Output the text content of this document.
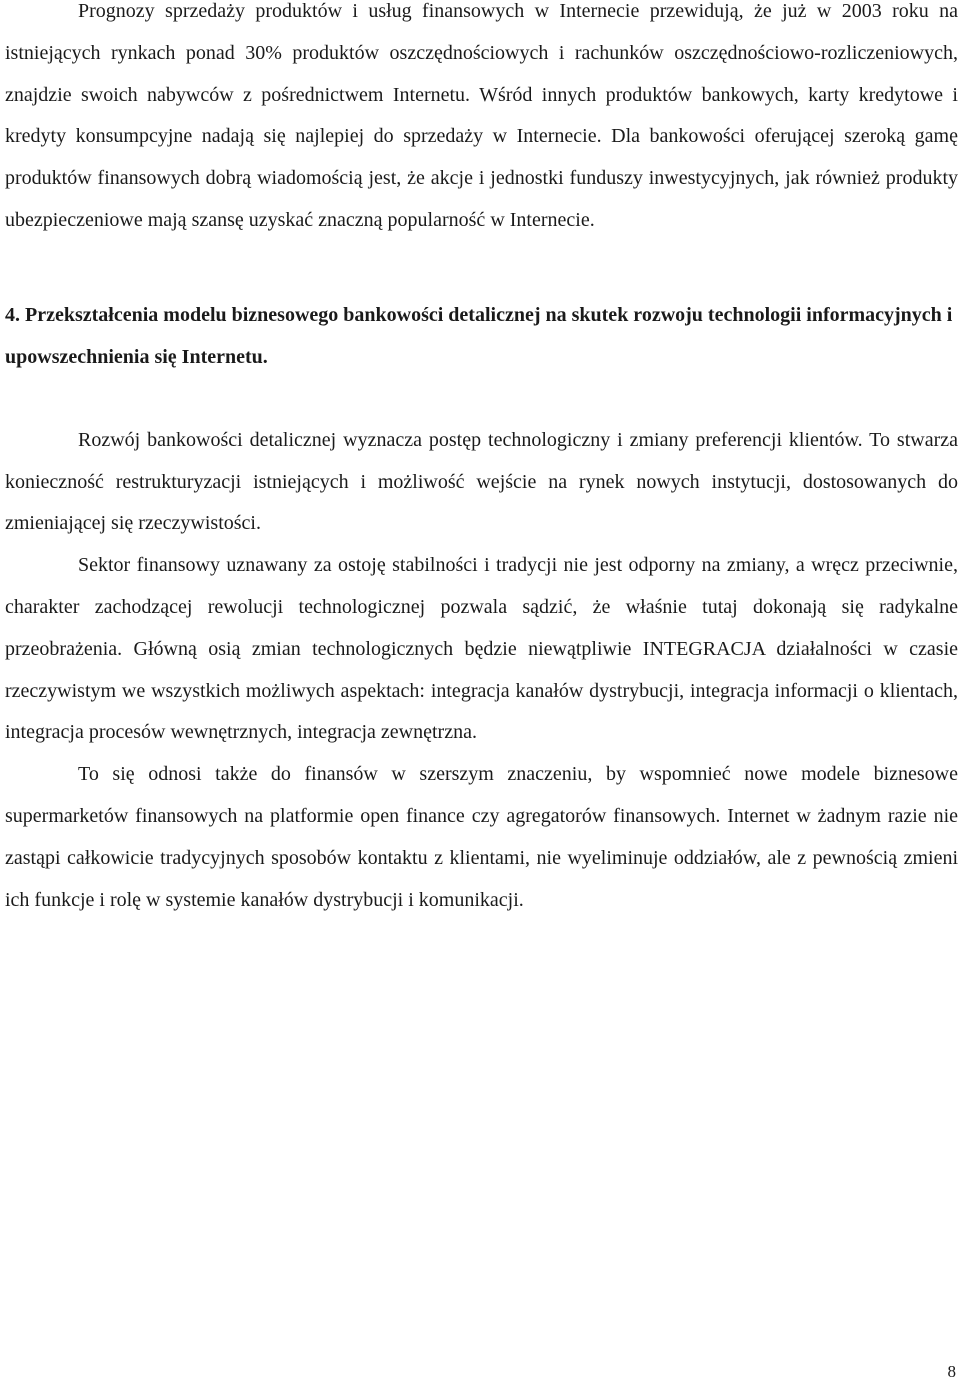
Prognozy sprzedaży produktów i usług finansowych w Internecie przewidują, że już w 2003 roku na istniejących rynkach ponad 30% produktów oszczędnościowych i rachunków oszczędnościowo-rozliczeniowych, znajdzie swoich nabywców z pośrednictwem Internetu. Wśród innych produktów bankowych, karty kredytowe i kredyty konsumpcyjne nadają się najlepiej do sprzedaży w Internecie. Dla bankowości oferującej szeroką gamę produktów finansowych dobrą wiadomością jest, że akcje i jednostki funduszy inwestycyjnych, jak również produkty ubezpieczeniowe mają szansę uzyskać znaczną popularność w Internecie.

4. Przekształcenia modelu biznesowego bankowości detalicznej na skutek rozwoju technologii informacyjnych i upowszechnienia się Internetu.

Rozwój bankowości detalicznej wyznacza postęp technologiczny i zmiany preferencji klientów. To stwarza konieczność restrukturyzacji istniejących i możliwość wejście na rynek nowych instytucji, dostosowanych do zmieniającej się rzeczywistości.

Sektor finansowy uznawany za ostoję stabilności i tradycji nie jest odporny na zmiany, a wręcz przeciwnie, charakter zachodzącej rewolucji technologicznej pozwala sądzić, że właśnie tutaj dokonają się radykalne przeobrażenia. Główną osią zmian technologicznych będzie niewątpliwie INTEGRACJA działalności w czasie rzeczywistym we wszystkich możliwych aspektach: integracja kanałów dystrybucji, integracja informacji o klientach, integracja procesów wewnętrznych, integracja zewnętrzna.

To się odnosi także do finansów w szerszym znaczeniu, by wspomnieć nowe modele biznesowe supermarketów finansowych na platformie open finance czy agregatorów finansowych. Internet w żadnym razie nie zastąpi całkowicie tradycyjnych sposobów kontaktu z klientami, nie wyeliminuje oddziałów, ale z pewnością zmieni ich funkcje i rolę w systemie kanałów dystrybucji i komunikacji.

8
